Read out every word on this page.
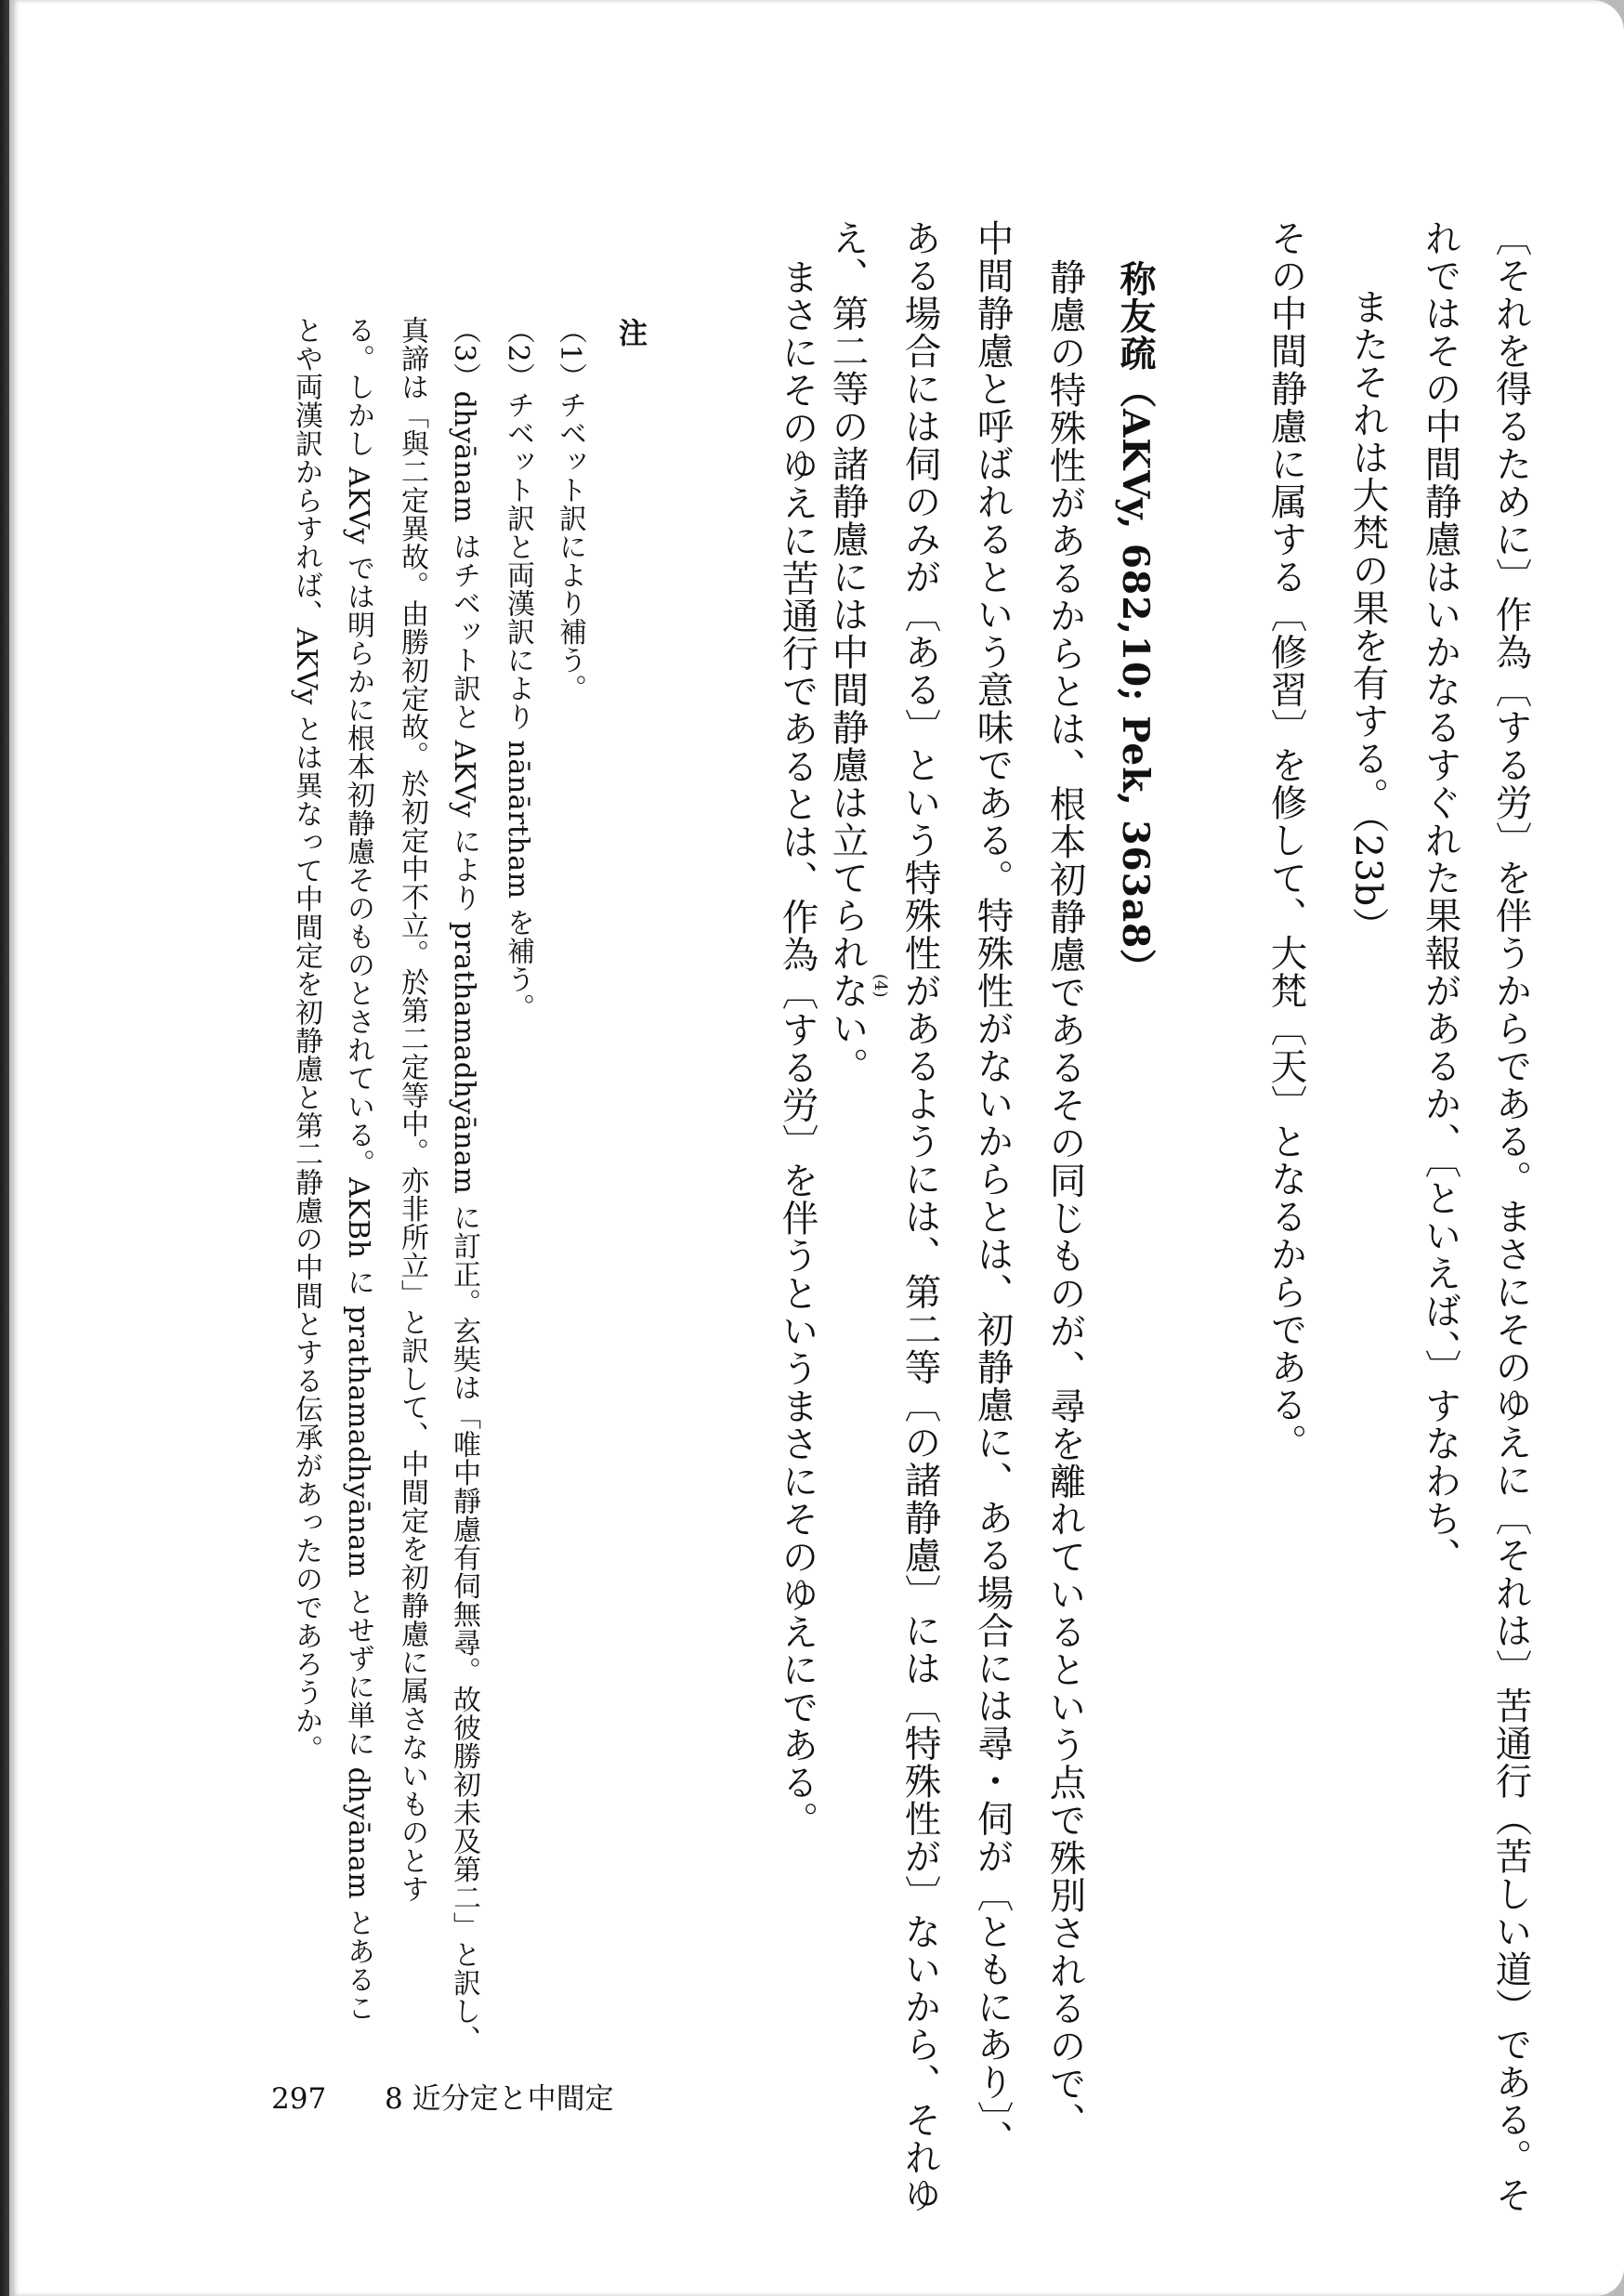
〔それを得るために〕作為〔する労〕を伴うからである。まさにそのゆえに〔それは〕苦通行（苦しい道）である。そ
れではその中間静慮はいかなるすぐれた果報があるか、〔といえば、〕すなわち、
またそれは大梵の果を有する。（23b）
その中間静慮に属する〔修習〕を修して、大梵〔天〕となるからである。
称友疏（AKVy, 682,10; Pek, 363a8）
静慮の特殊性があるからとは、根本初静慮であるその同じものが、尋を離れているという点で殊別されるので、
中間静慮と呼ばれるという意味である。特殊性がないからとは、初静慮に、ある場合には尋・伺が〔ともにあり〕、
ある場合には伺のみが〔ある〕という特殊性があるようには、第二等〔の諸静慮〕には〔特殊性が〕ないから、それゆ
え、第二等の諸静慮には中間静慮は立てられない。 (4)
まさにそのゆえに苦通行であるとは、作為〔する労〕を伴うというまさにそのゆえにである。
注
（1）チベット訳により補う。
（2）チベット訳と両漢訳により nānārtham を補う。
（3）dhyānam はチベット訳と AKVy により prathamadhyānam に訂正。玄奘は「唯中靜慮有伺無尋。故彼勝初未及第二」と訳し、
真諦は「與二定異故。由勝初定故。於初定中不立。於第二定等中。亦非所立」と訳して、中間定を初静慮に属さないものとす
る。しかし AKVy では明らかに根本初静慮そのものとされている。AKBh に prathamadhyānam とせずに単に dhyānam とあるこ
とや両漢訳からすれば、AKVy とは異なって中間定を初静慮と第二静慮の中間とする伝承があったのであろうか。
297 8 近分定と中間定
